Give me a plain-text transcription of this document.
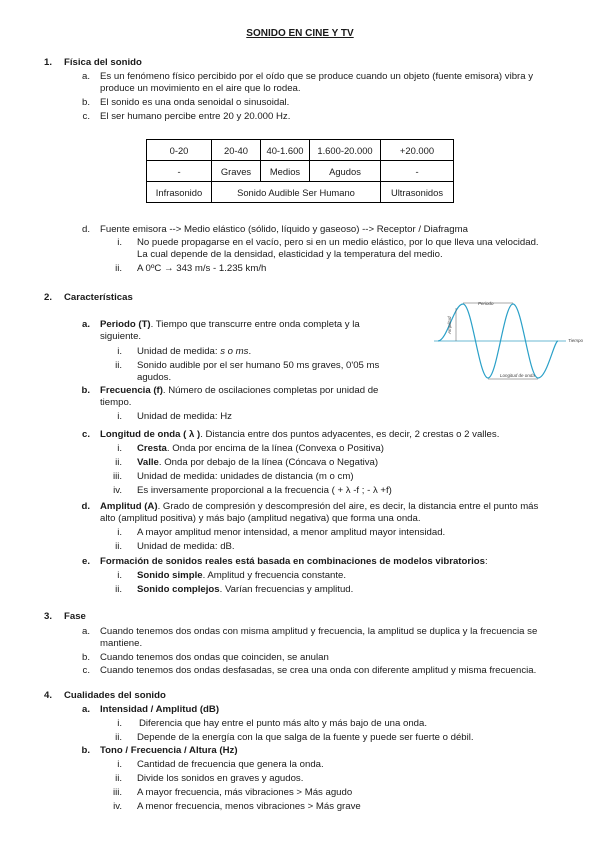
SONIDO EN CINE Y TV
1. Física del sonido
a. Es un fenómeno físico percibido por el oído que se produce cuando un objeto (fuente emisora) vibra y
produce un movimiento en el aire que lo rodea.
b. El sonido es una onda senoidal o sinusoidal.
c. El ser humano percibe entre 20 y 20.000 Hz.
0-20	20-40	40-1.600	1.600-20.000	+20.000
-	Graves	Medios	Agudos	-
Infrasonido	Sonido Audible Ser Humano			Ultrasonidos
d. Fuente emisora --> Medio elástico (sólido, líquido y gaseoso) --> Receptor / Diafragma
i. No puede propagarse en el vacío, pero si en un medio elástico, por lo que lleva una velocidad.
La cual depende de la densidad, elasticidad y la temperatura del medio.
ii. A 0ºC → 343 m/s - 1.235 km/h
2. Características
Periodo
Amplitud
Tiempo
Longitud de onda
a. Periodo (T). Tiempo que transcurre entre onda completa y la
siguiente.
i. Unidad de medida: s o ms.
ii. Sonido audible por el ser humano 50 ms graves, 0'05 ms
agudos.
b. Frecuencia (f). Número de oscilaciones completas por unidad de
tiempo.
i. Unidad de medida: Hz
c. Longitud de onda ( λ ). Distancia entre dos puntos adyacentes, es decir, 2 crestas o 2 valles.
i. Cresta. Onda por encima de la línea (Convexa o Positiva)
ii. Valle. Onda por debajo de la línea (Cóncava o Negativa)
iii. Unidad de medida: unidades de distancia (m o cm)
iv. Es inversamente proporcional a la frecuencia ( + λ -f ; - λ +f)
d. Amplitud (A). Grado de compresión y descompresión del aire, es decir, la distancia entre el punto más
alto (amplitud positiva) y más bajo (amplitud negativa) que forma una onda.
i. A mayor amplitud menor intensidad, a menor amplitud mayor intensidad.
ii. Unidad de medida: dB.
e. Formación de sonidos reales está basada en combinaciones de modelos vibratorios:
i. Sonido simple. Amplitud y frecuencia constante.
ii. Sonido complejos. Varían frecuencias y amplitud.
3. Fase
a. Cuando tenemos dos ondas con misma amplitud y frecuencia, la amplitud se duplica y la frecuencia se
mantiene.
b. Cuando tenemos dos ondas que coinciden, se anulan
c. Cuando tenemos dos ondas desfasadas, se crea una onda con diferente amplitud y misma frecuencia.
4. Cualidades del sonido
a. Intensidad / Amplitud (dB)
i. Diferencia que hay entre el punto más alto y más bajo de una onda.
ii. Depende de la energía con la que salga de la fuente y puede ser fuerte o débil.
b. Tono / Frecuencia / Altura (Hz)
i. Cantidad de frecuencia que genera la onda.
ii. Divide los sonidos en graves y agudos.
iii. A mayor frecuencia, más vibraciones > Más agudo
iv. A menor frecuencia, menos vibraciones > Más grave
